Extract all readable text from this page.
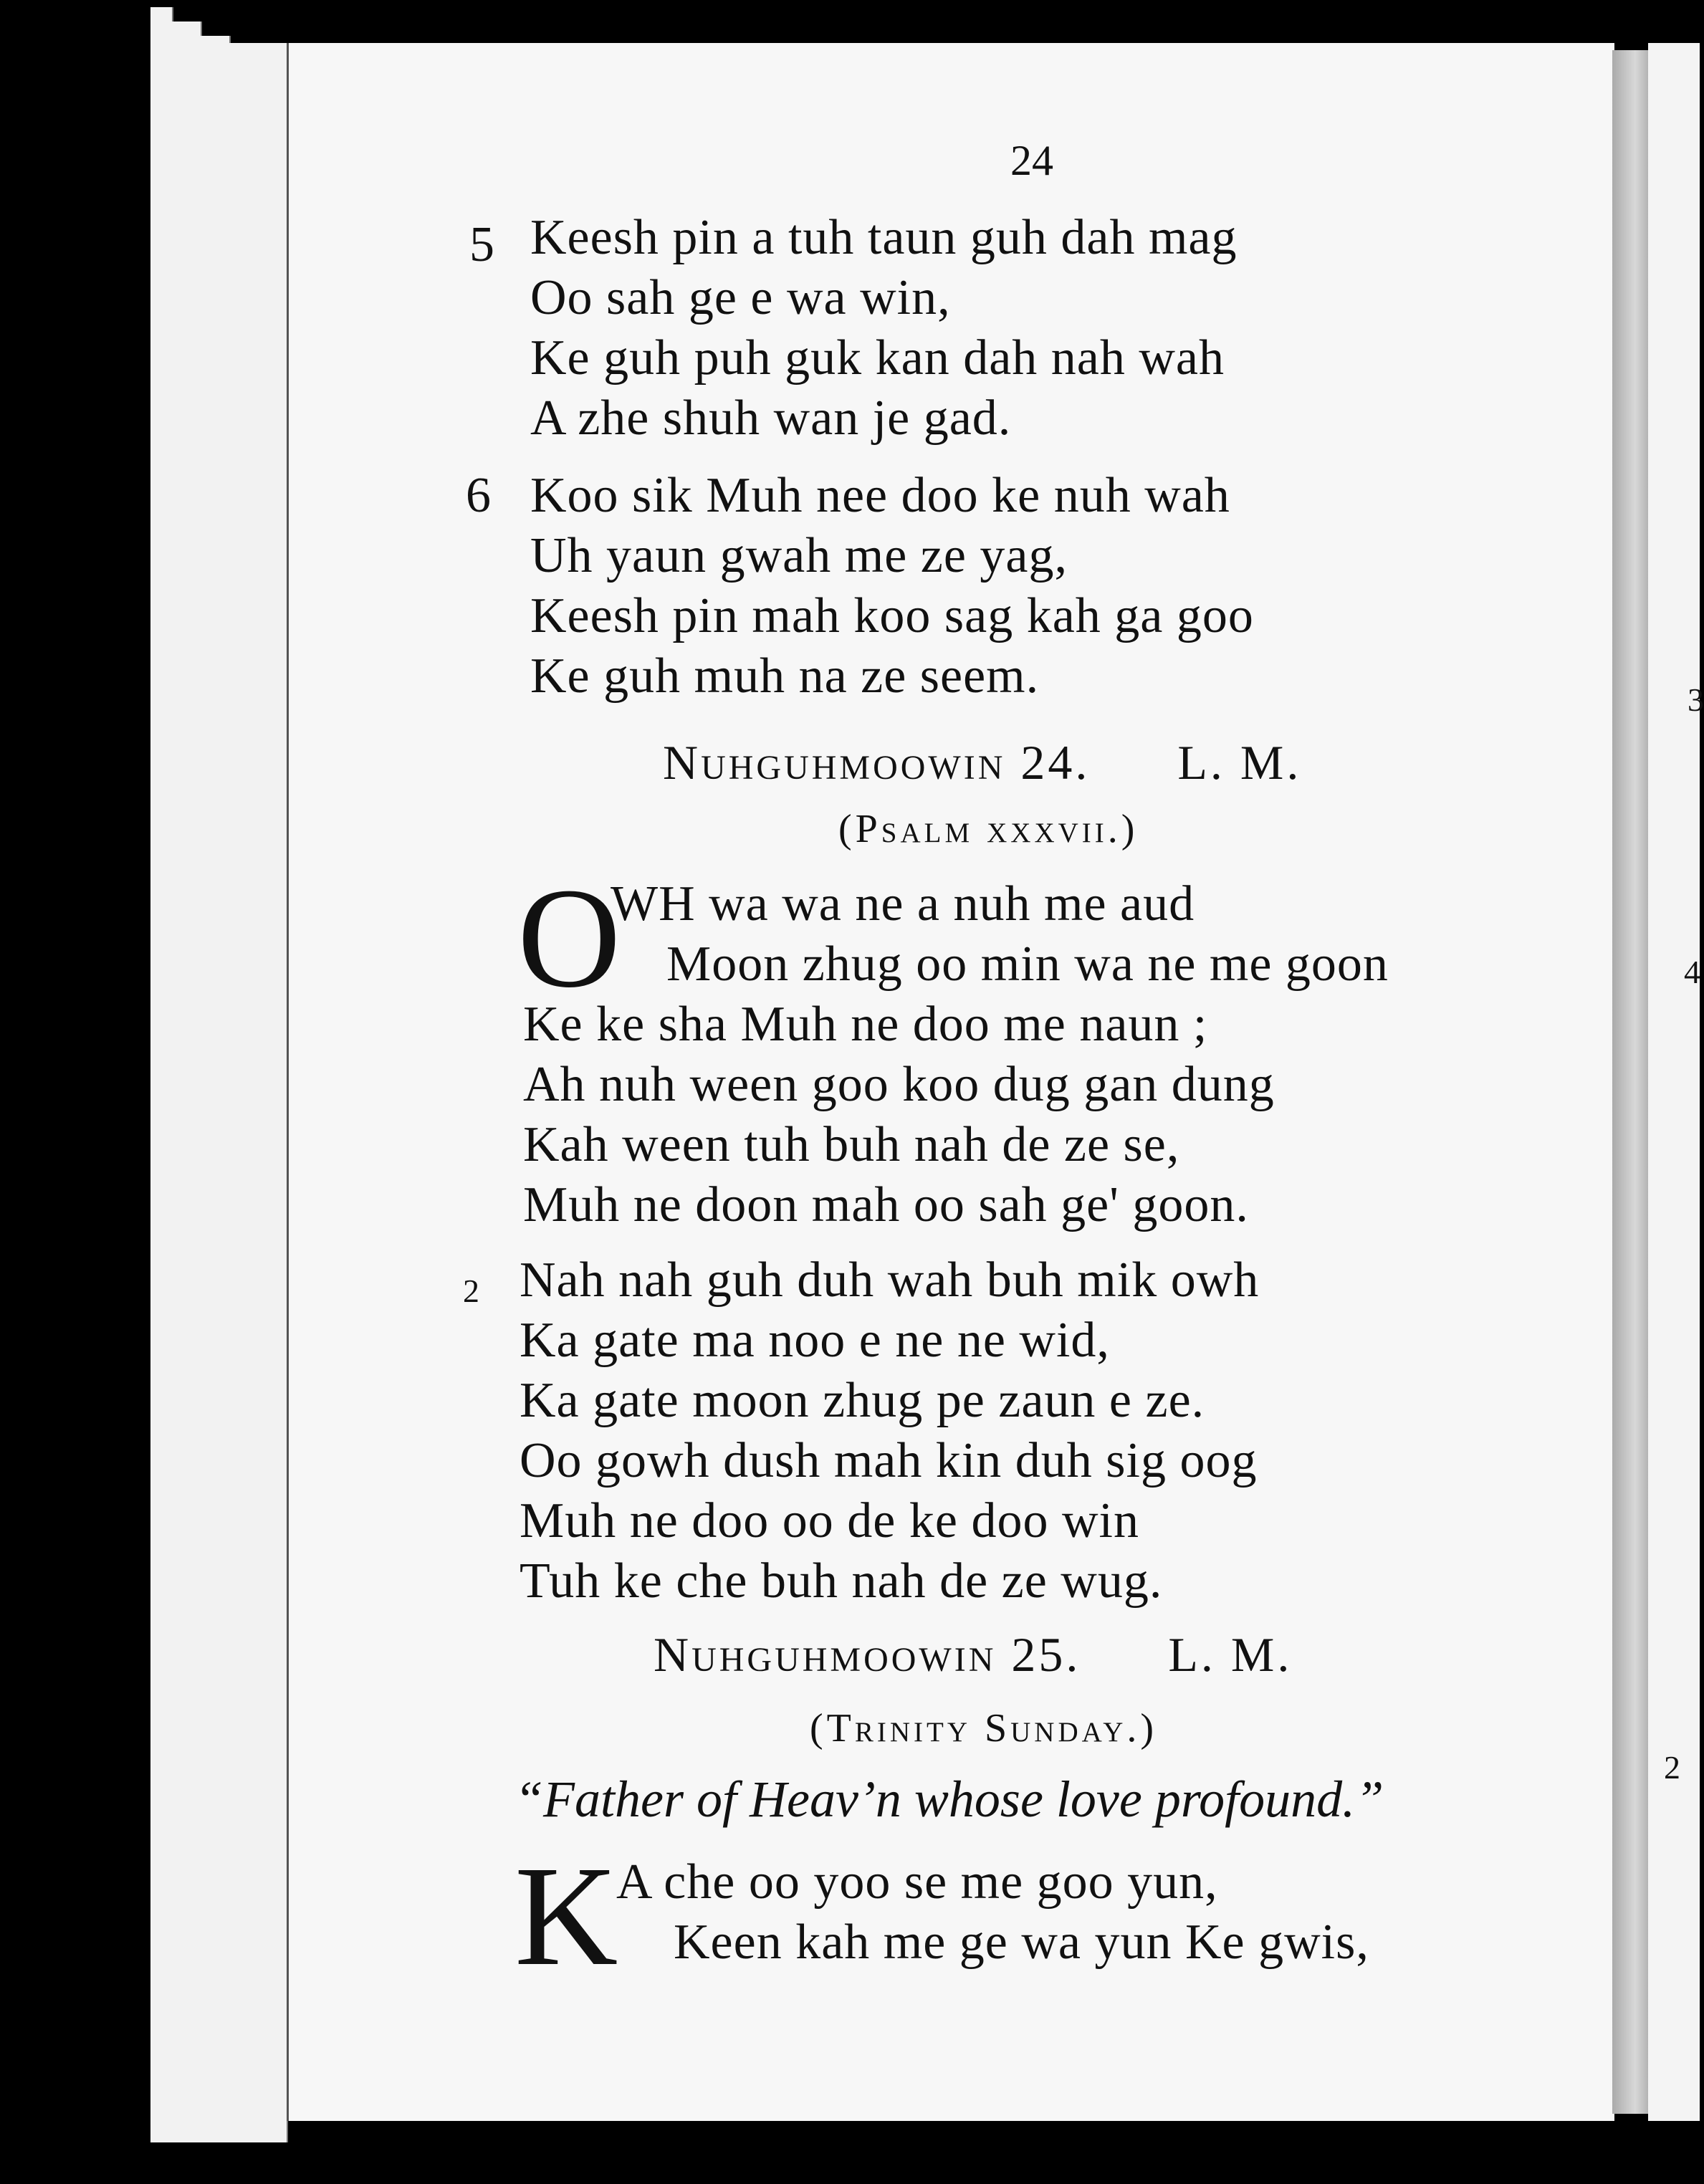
24
5 Keesh pin a tuh taun guh dah mag
Oo sah ge e wa win,
Ke guh puh guk kan dah nah wah
A zhe shuh wan je gad.
6 Koo sik Muh nee doo ke nuh wah
Uh yaun gwah me ze yag,
Keesh pin mah koo sag kah ga goo
Ke guh muh na ze seem.
Nuhguhmoowin 24. L. M.
(Psalm xxxvii.)
O
WH wa wa ne a nuh me aud
Moon zhug oo min wa ne me goon
Ke ke sha Muh ne doo me naun ;
Ah nuh ween goo koo dug gan dung
Kah ween tuh buh nah de ze se,
Muh ne doon mah oo sah ge' goon.
2 Nah nah guh duh wah buh mik owh
Ka gate ma noo e ne ne wid,
Ka gate moon zhug pe zaun e ze.
Oo gowh dush mah kin duh sig oog
Muh ne doo oo de ke doo win
Tuh ke che buh nah de ze wug.
Nuhguhmoowin 25. L. M.
(Trinity Sunday.)
“Father of Heav’n whose love profound.”
K
A che oo yoo se me goo yun,
Keen kah me ge wa yun Ke gwis,
3
4
2
